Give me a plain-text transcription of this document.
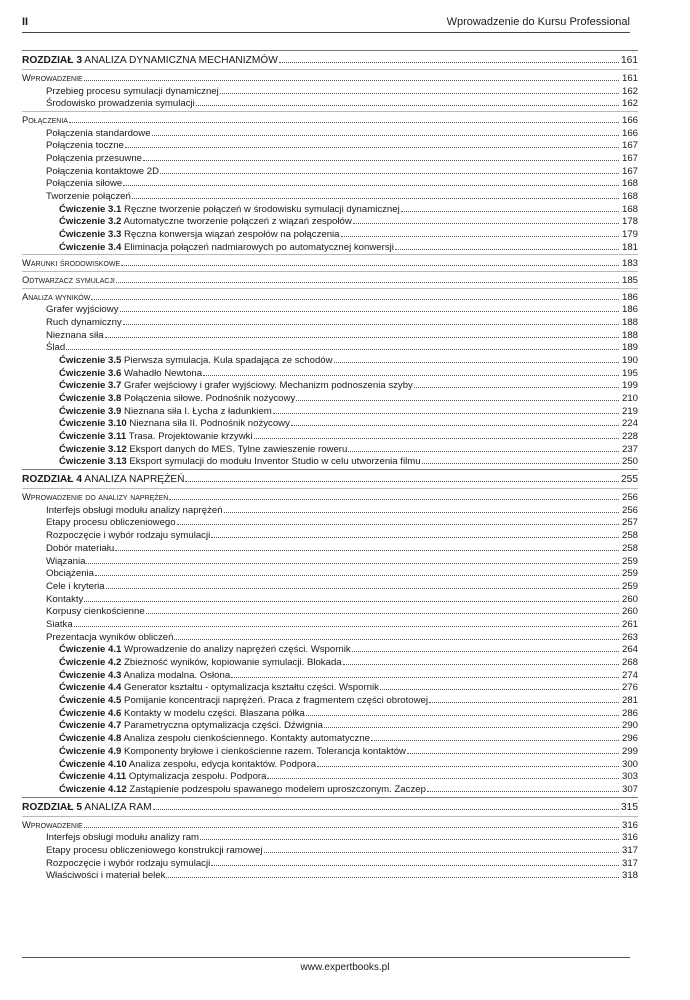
II	Wprowadzenie do Kursu Professional
ROZDZIAŁ 3 ANALIZA DYNAMICZNA MECHANIZMÓW	161
Wprowadzenie	161
Przebieg procesu symulacji dynamicznej	162
Środowisko prowadzenia symulacji	162
Połączenia	166
Połączenia standardowe	166
Połączenia toczne	167
Połączenia przesuwne	167
Połączenia kontaktowe 2D	167
Połączenia siłowe	168
Tworzenie połączeń	168
Ćwiczenie 3.1 Ręczne tworzenie połączeń w środowisku symulacji dynamicznej	168
Ćwiczenie 3.2 Automatyczne tworzenie połączeń z wiązań zespołów	178
Ćwiczenie 3.3 Ręczna konwersja wiązań zespołów na połączenia	179
Ćwiczenie 3.4 Eliminacja połączeń nadmiarowych po automatycznej konwersji	181
Warunki środowiskowe	183
Odtwarzacz symulacji	185
Analiza wyników	186
Grafer wyjściowy	186
Ruch dynamiczny	188
Nieznana siła	188
Ślad	189
Ćwiczenie 3.5 Pierwsza symulacja. Kula spadająca ze schodów	190
Ćwiczenie 3.6 Wahadło Newtona	195
Ćwiczenie 3.7 Grafer wejściowy i grafer wyjściowy. Mechanizm podnoszenia szyby	199
Ćwiczenie 3.8 Połączenia siłowe. Podnośnik nożycowy	210
Ćwiczenie 3.9 Nieznana siła I. Łycha z ładunkiem	219
Ćwiczenie 3.10 Nieznana siła II. Podnośnik nożycowy	224
Ćwiczenie 3.11 Trasa. Projektowanie krzywki	228
Ćwiczenie 3.12 Eksport danych do MES. Tylne zawieszenie roweru	237
Ćwiczenie 3.13 Eksport symulacji do modułu Inventor Studio w celu utworzenia filmu	250
ROZDZIAŁ 4 ANALIZA NAPRĘŻEŃ	255
Wprowadzenie do analizy naprężeń	256
Interfejs obsługi modułu analizy naprężeń	256
Etapy procesu obliczeniowego	257
Rozpoczęcie i wybór rodzaju symulacji	258
Dobór materiału	258
Wiązania	259
Obciążenia	259
Cele i kryteria	259
Kontakty	260
Korpusy cienkościenne	260
Siatka	261
Prezentacja wyników obliczeń	263
Ćwiczenie 4.1 Wprowadzenie do analizy naprężeń części. Wspornik	264
Ćwiczenie 4.2 Zbieżność wyników, kopiowanie symulacji. Blokada	268
Ćwiczenie 4.3 Analiza modalna. Osłona	274
Ćwiczenie 4.4 Generator kształtu - optymalizacja kształtu części. Wspornik	276
Ćwiczenie 4.5 Pomijanie koncentracji naprężeń. Praca z fragmentem części obrotowej	281
Ćwiczenie 4.6 Kontakty w modelu części. Blaszana półka	286
Ćwiczenie 4.7 Parametryczna optymalizacja części. Dźwignia	290
Ćwiczenie 4.8 Analiza zespołu cienkościennego. Kontakty automatyczne	296
Ćwiczenie 4.9 Komponenty bryłowe i cienkościenne razem. Tolerancja kontaktów	299
Ćwiczenie 4.10 Analiza zespołu, edycja kontaktów. Podpora	300
Ćwiczenie 4.11 Optymalizacja zespołu. Podpora	303
Ćwiczenie 4.12 Zastąpienie podzespołu spawanego modelem uproszczonym. Zaczep	307
ROZDZIAŁ 5 ANALIZA RAM	315
Wprowadzenie	316
Interfejs obsługi modułu analizy ram	316
Etapy procesu obliczeniowego konstrukcji ramowej	317
Rozpoczęcie i wybór rodzaju symulacji	317
Właściwości i materiał belek	318
www.expertbooks.pl
